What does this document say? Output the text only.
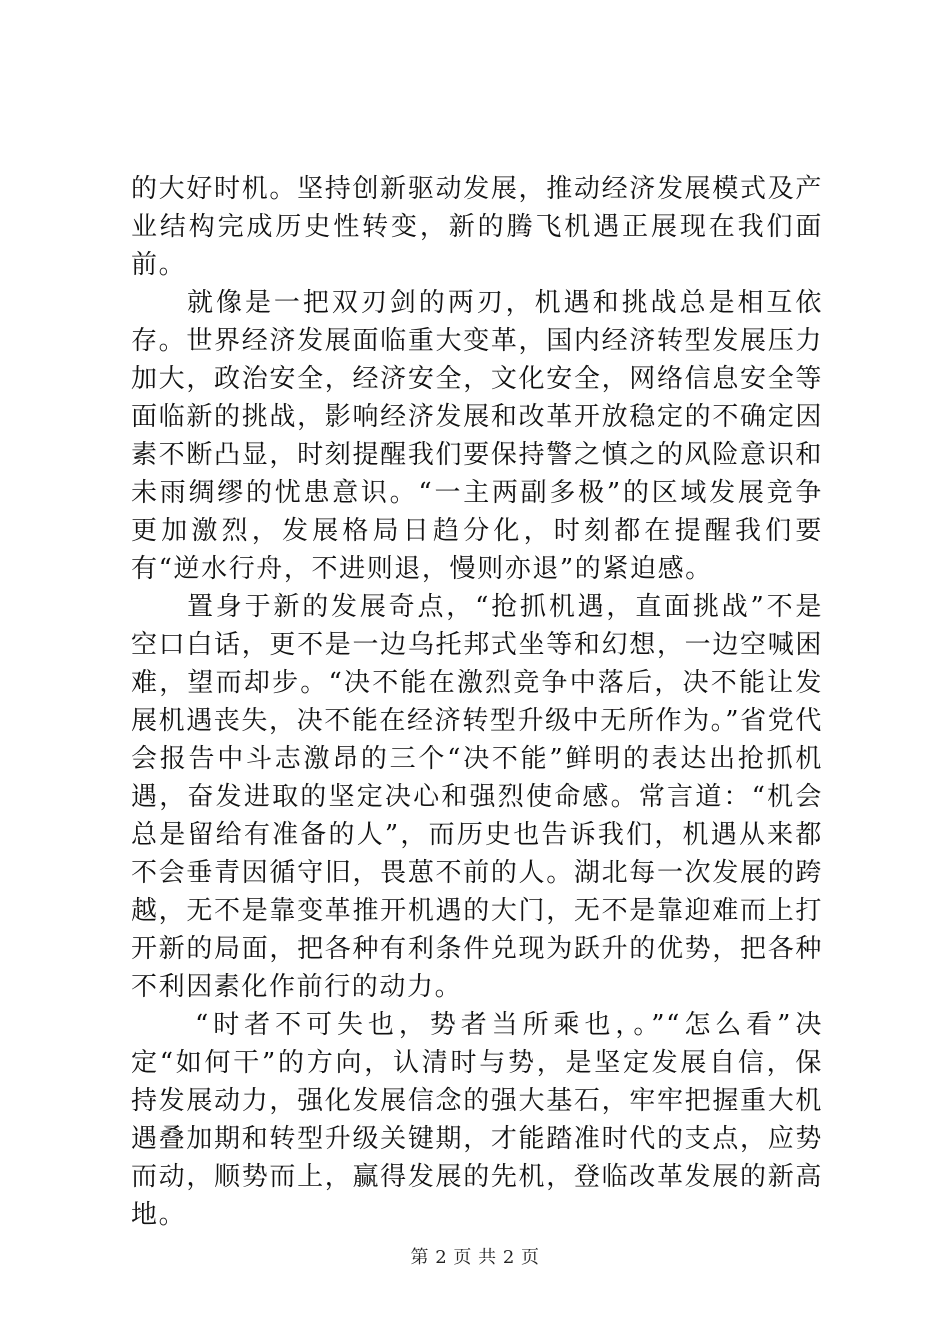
的大好时机。坚持创新驱动发展，推动经济发展模式及产业结构完成历史性转变，新的腾飞机遇正展现在我们面前。

就像是一把双刃剑的两刃，机遇和挑战总是相互依存。世界经济发展面临重大变革，国内经济转型发展压力加大，政治安全，经济安全，文化安全，网络信息安全等面临新的挑战，影响经济发展和改革开放稳定的不确定因素不断凸显，时刻提醒我们要保持警之慎之的风险意识和未雨绸缪的忧患意识。“一主两副多极”的区域发展竞争更加激烈，发展格局日趋分化，时刻都在提醒我们要有“逆水行舟，不进则退，慢则亦退”的紧迫感。

置身于新的发展奇点，“抢抓机遇，直面挑战”不是空口白话，更不是一边乌托邦式坐等和幻想，一边空喊困难，望而却步。“决不能在激烈竞争中落后，决不能让发展机遇丧失，决不能在经济转型升级中无所作为。”省党代会报告中斗志激昂的三个“决不能”鲜明的表达出抢抓机遇，奋发进取的坚定决心和强烈使命感。常言道：“机会总是留给有准备的人”，而历史也告诉我们，机遇从来都不会垂青因循守旧，畏葸不前的人。湖北每一次发展的跨越，无不是靠变革推开机遇的大门，无不是靠迎难而上打开新的局面，把各种有利条件兑现为跃升的优势，把各种不利因素化作前行的动力。

“时者不可失也，势者当所乘也，。”“怎么看”决定“如何干”的方向，认清时与势，是坚定发展自信，保持发展动力，强化发展信念的强大基石，牢牢把握重大机遇叠加期和转型升级关键期，才能踏准时代的支点，应势而动，顺势而上，赢得发展的先机，登临改革发展的新高地。

第 2 页 共 2 页
